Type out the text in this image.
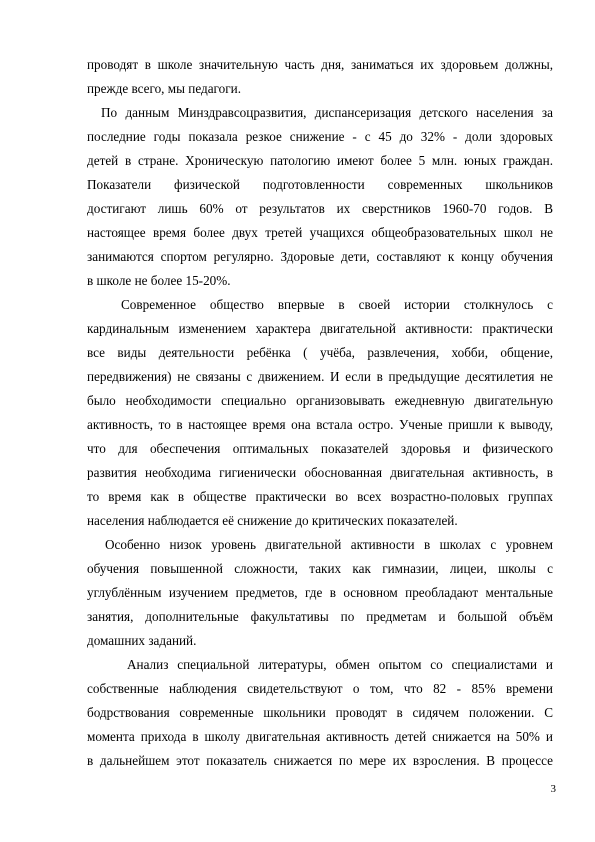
проводят в школе значительную часть дня, заниматься их здоровьем должны,
прежде всего, мы педагоги.
По данным Минздравсоцразвития, диспансеризация детского населения за
последние годы показала резкое снижение - с 45 до 32% - доли здоровых
детей в стране. Хроническую патологию имеют более 5 млн. юных граждан.
Показатели физической подготовленности современных школьников
достигают лишь 60% от результатов их сверстников 1960-70 годов. В
настоящее время более двух третей учащихся общеобразовательных школ не
занимаются спортом регулярно. Здоровые дети, составляют к концу обучения
в школе не более 15-20%.
Современное общество впервые в своей истории столкнулось с
кардинальным изменением характера двигательной активности: практически
все виды деятельности ребёнка ( учёба, развлечения, хобби, общение,
передвижения) не связаны с движением. И если в предыдущие десятилетия не
было необходимости специально организовывать ежедневную двигательную
активность, то в настоящее время она встала остро. Ученые пришли к выводу,
что для обеспечения оптимальных показателей здоровья и физического
развития необходима гигиенически обоснованная двигательная активность, в
то время как в обществе практически во всех возрастно-половых группах
населения наблюдается её снижение до критических показателей.
Особенно низок уровень двигательной активности в школах с уровнем
обучения повышенной сложности, таких как гимназии, лицеи, школы с
углублённым изучением предметов, где в основном преобладают ментальные
занятия, дополнительные факультативы по предметам и большой объём
домашних заданий.
Анализ специальной литературы, обмен опытом со специалистами и
собственные наблюдения свидетельствуют о том, что 82 - 85% времени
бодрствования современные школьники проводят в сидячем положении. С
момента прихода в школу двигательная активность детей снижается на 50% и
в дальнейшем этот показатель снижается по мере их взросления. В процессе
3
